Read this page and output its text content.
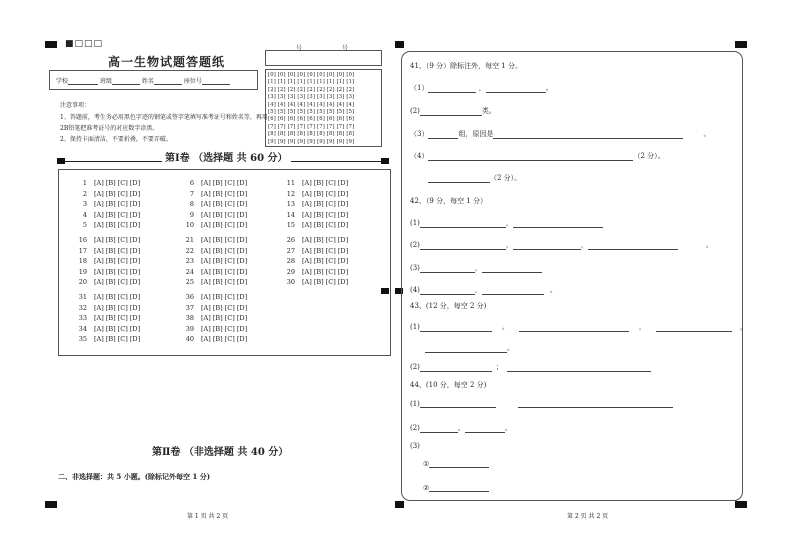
■□□□
高一生物试题答题纸
学校	班级	姓名	座位号
号	号
[0] [0] [0] [0] [0] [0] [0] [0] [0]
[1] [1] [1] [1] [1] [1] [1] [1] [1]
[2] [2] [2] [2] [2] [2] [2] [2] [2]
[3] [3] [3] [3] [3] [3] [3] [3] [3]
[4] [4] [4] [4] [4] [4] [4] [4] [4]
[5] [5] [5] [5] [5] [5] [5] [5] [5]
[6] [6] [6] [6] [6] [6] [6] [6] [6]
[7] [7] [7] [7] [7] [7] [7] [7] [7]
[8] [8] [8] [8] [8] [8] [8] [8] [8]
[9] [9] [9] [9] [9] [9] [9] [9] [9]
注意事项：
1、答题前，考生务必用黑色字迹的钢笔或签字笔填写准考证号和姓名等，再用
2B铅笔把准考证号的对应数字涂黑。
2、保持卡面清洁，不要折叠，不要弄破。
第Ⅰ卷 （选择题 共 60 分）
1 [A] [B] [C] [D]
2 [A] [B] [C] [D]
3 [A] [B] [C] [D]
4 [A] [B] [C] [D]
5 [A] [B] [C] [D]
6 [A] [B] [C] [D]
7 [A] [B] [C] [D]
8 [A] [B] [C] [D]
9 [A] [B] [C] [D]
10 [A] [B] [C] [D]
11 [A] [B] [C] [D]
12 [A] [B] [C] [D]
13 [A] [B] [C] [D]
14 [A] [B] [C] [D]
15 [A] [B] [C] [D]
16 [A] [B] [C] [D]
17 [A] [B] [C] [D]
18 [A] [B] [C] [D]
19 [A] [B] [C] [D]
20 [A] [B] [C] [D]
21 [A] [B] [C] [D]
22 [A] [B] [C] [D]
23 [A] [B] [C] [D]
24 [A] [B] [C] [D]
25 [A] [B] [C] [D]
26 [A] [B] [C] [D]
27 [A] [B] [C] [D]
28 [A] [B] [C] [D]
29 [A] [B] [C] [D]
30 [A] [B] [C] [D]
31 [A] [B] [C] [D]
32 [A] [B] [C] [D]
33 [A] [B] [C] [D]
34 [A] [B] [C] [D]
35 [A] [B] [C] [D]
36 [A] [B] [C] [D]
37 [A] [B] [C] [D]
38 [A] [B] [C] [D]
39 [A] [B] [C] [D]
40 [A] [B] [C] [D]
第Ⅱ卷 （非选择题 共 40 分）
二、非选择题：共 5 小题。(除标记外每空 1 分)
第 1 页 共 2 页
41、（9 分）除标注外，每空 1 分。
（1）	，	。
(2)	类。
（3）	组，原因是	。
（4）	（2 分）。
（2 分）。
42、（9 分，每空 1 分）
(1)	，
(2)	，	，	。
(3)	，
(4)	，	。
43、(12 分，每空 2 分)
(1)	。	，	，
。
(2)	；
44、(10 分，每空 2 分)
(1)
(2)	。	。
(3)
①
②
第 2 页 共 2 页
